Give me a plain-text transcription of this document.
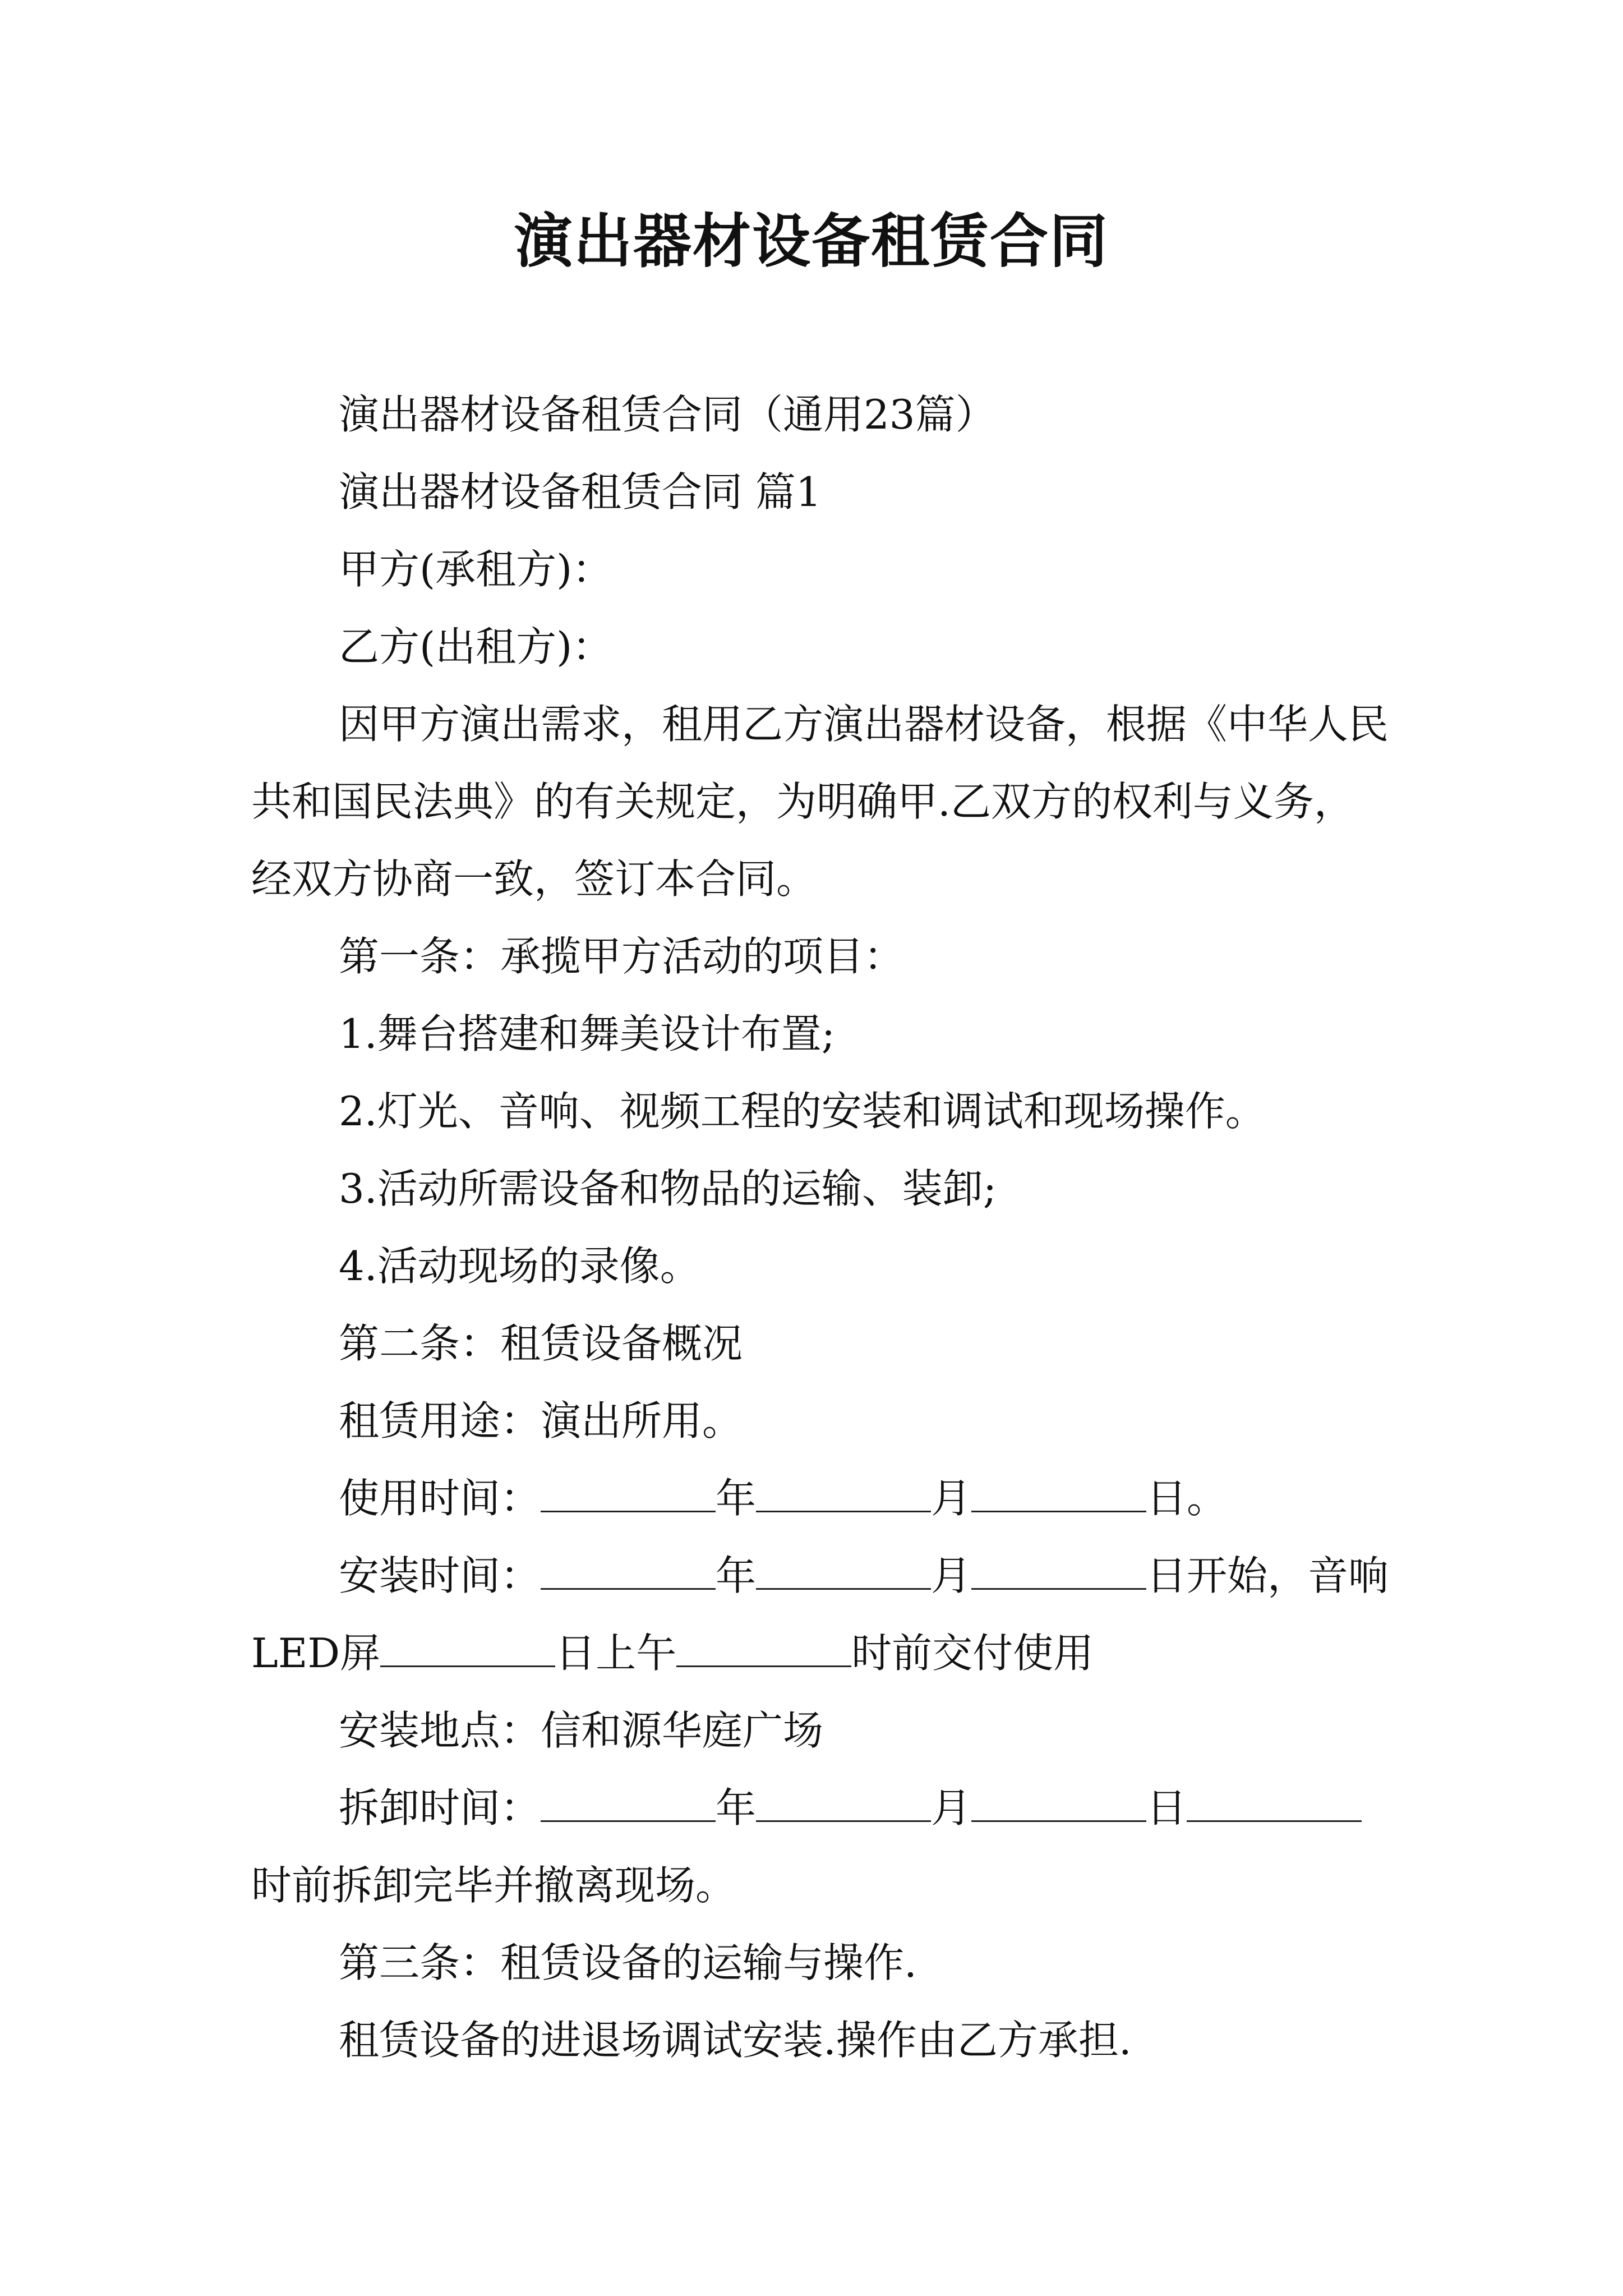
演出器材设备租赁合同

演出器材设备租赁合同（通用23篇）

演出器材设备租赁合同 篇1

甲方(承租方)：

乙方(出租方)：

因甲方演出需求，租用乙方演出器材设备，根据《中华人民共和国民法典》的有关规定，为明确甲.乙双方的权利与义务，经双方协商一致，签订本合同。

第一条：承揽甲方活动的项目：

1.舞台搭建和舞美设计布置;

2.灯光、音响、视频工程的安装和调试和现场操作。

3.活动所需设备和物品的运输、装卸;

4.活动现场的录像。

第二条：租赁设备概况

租赁用途：演出所用。

使用时间：	年	月	日。

安装时间：	年	月	日开始，音响LED屏	日上午	时前交付使用

安装地点：信和源华庭广场

拆卸时间：	年	月	日时前拆卸完毕并撤离现场。

第三条：租赁设备的运输与操作.

租赁设备的进退场调试安装.操作由乙方承担.
